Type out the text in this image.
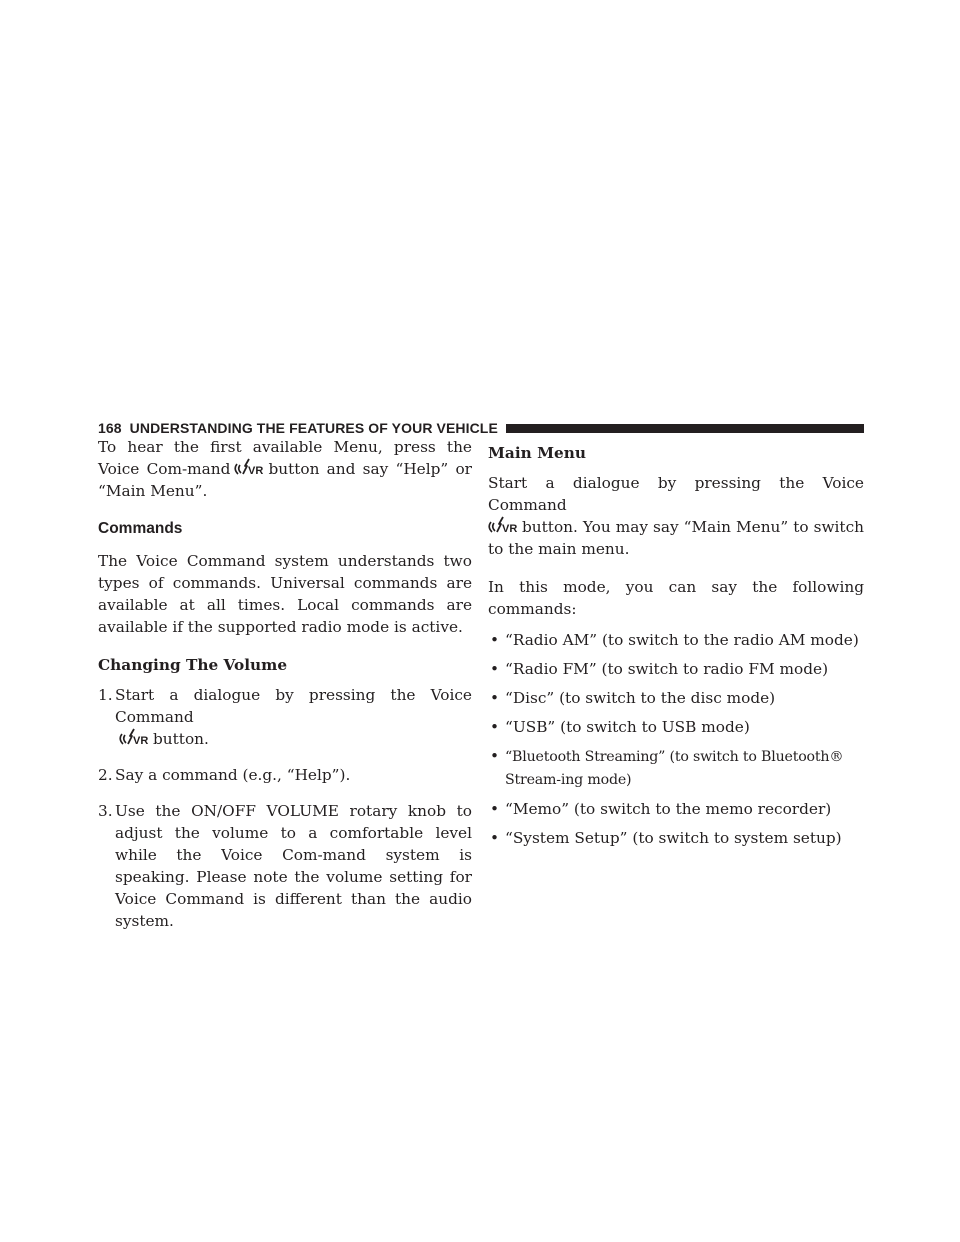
168 UNDERSTANDING THE FEATURES OF YOUR VEHICLE

To hear the first available Menu, press the Voice Com-mand VR button and say “Help” or “Main Menu”.

Commands

The Voice Command system understands two types of commands. Universal commands are available at all times. Local commands are available if the supported radio mode is active.

Changing The Volume
1. Start a dialogue by pressing the Voice Command

VR button.
2. Say a command (e.g., “Help”).
3. Use the ON/OFF VOLUME rotary knob to adjust the volume to a comfortable level while the Voice Com-mand system is speaking. Please note the volume setting for Voice Command is different than the audio system.
Main Menu

Start a dialogue by pressing the Voice Command

VR button. You may say “Main Menu” to switch to the main menu.

In this mode, you can say the following commands:

• “Radio AM” (to switch to the radio AM mode)
• “Radio FM” (to switch to radio FM mode)
• “Disc” (to switch to the disc mode)
• “USB” (to switch to USB mode)
• “Bluetooth Streaming” (to switch to Bluetooth® Stream-ing mode)
• “Memo” (to switch to the memo recorder)
• “System Setup” (to switch to system setup)
